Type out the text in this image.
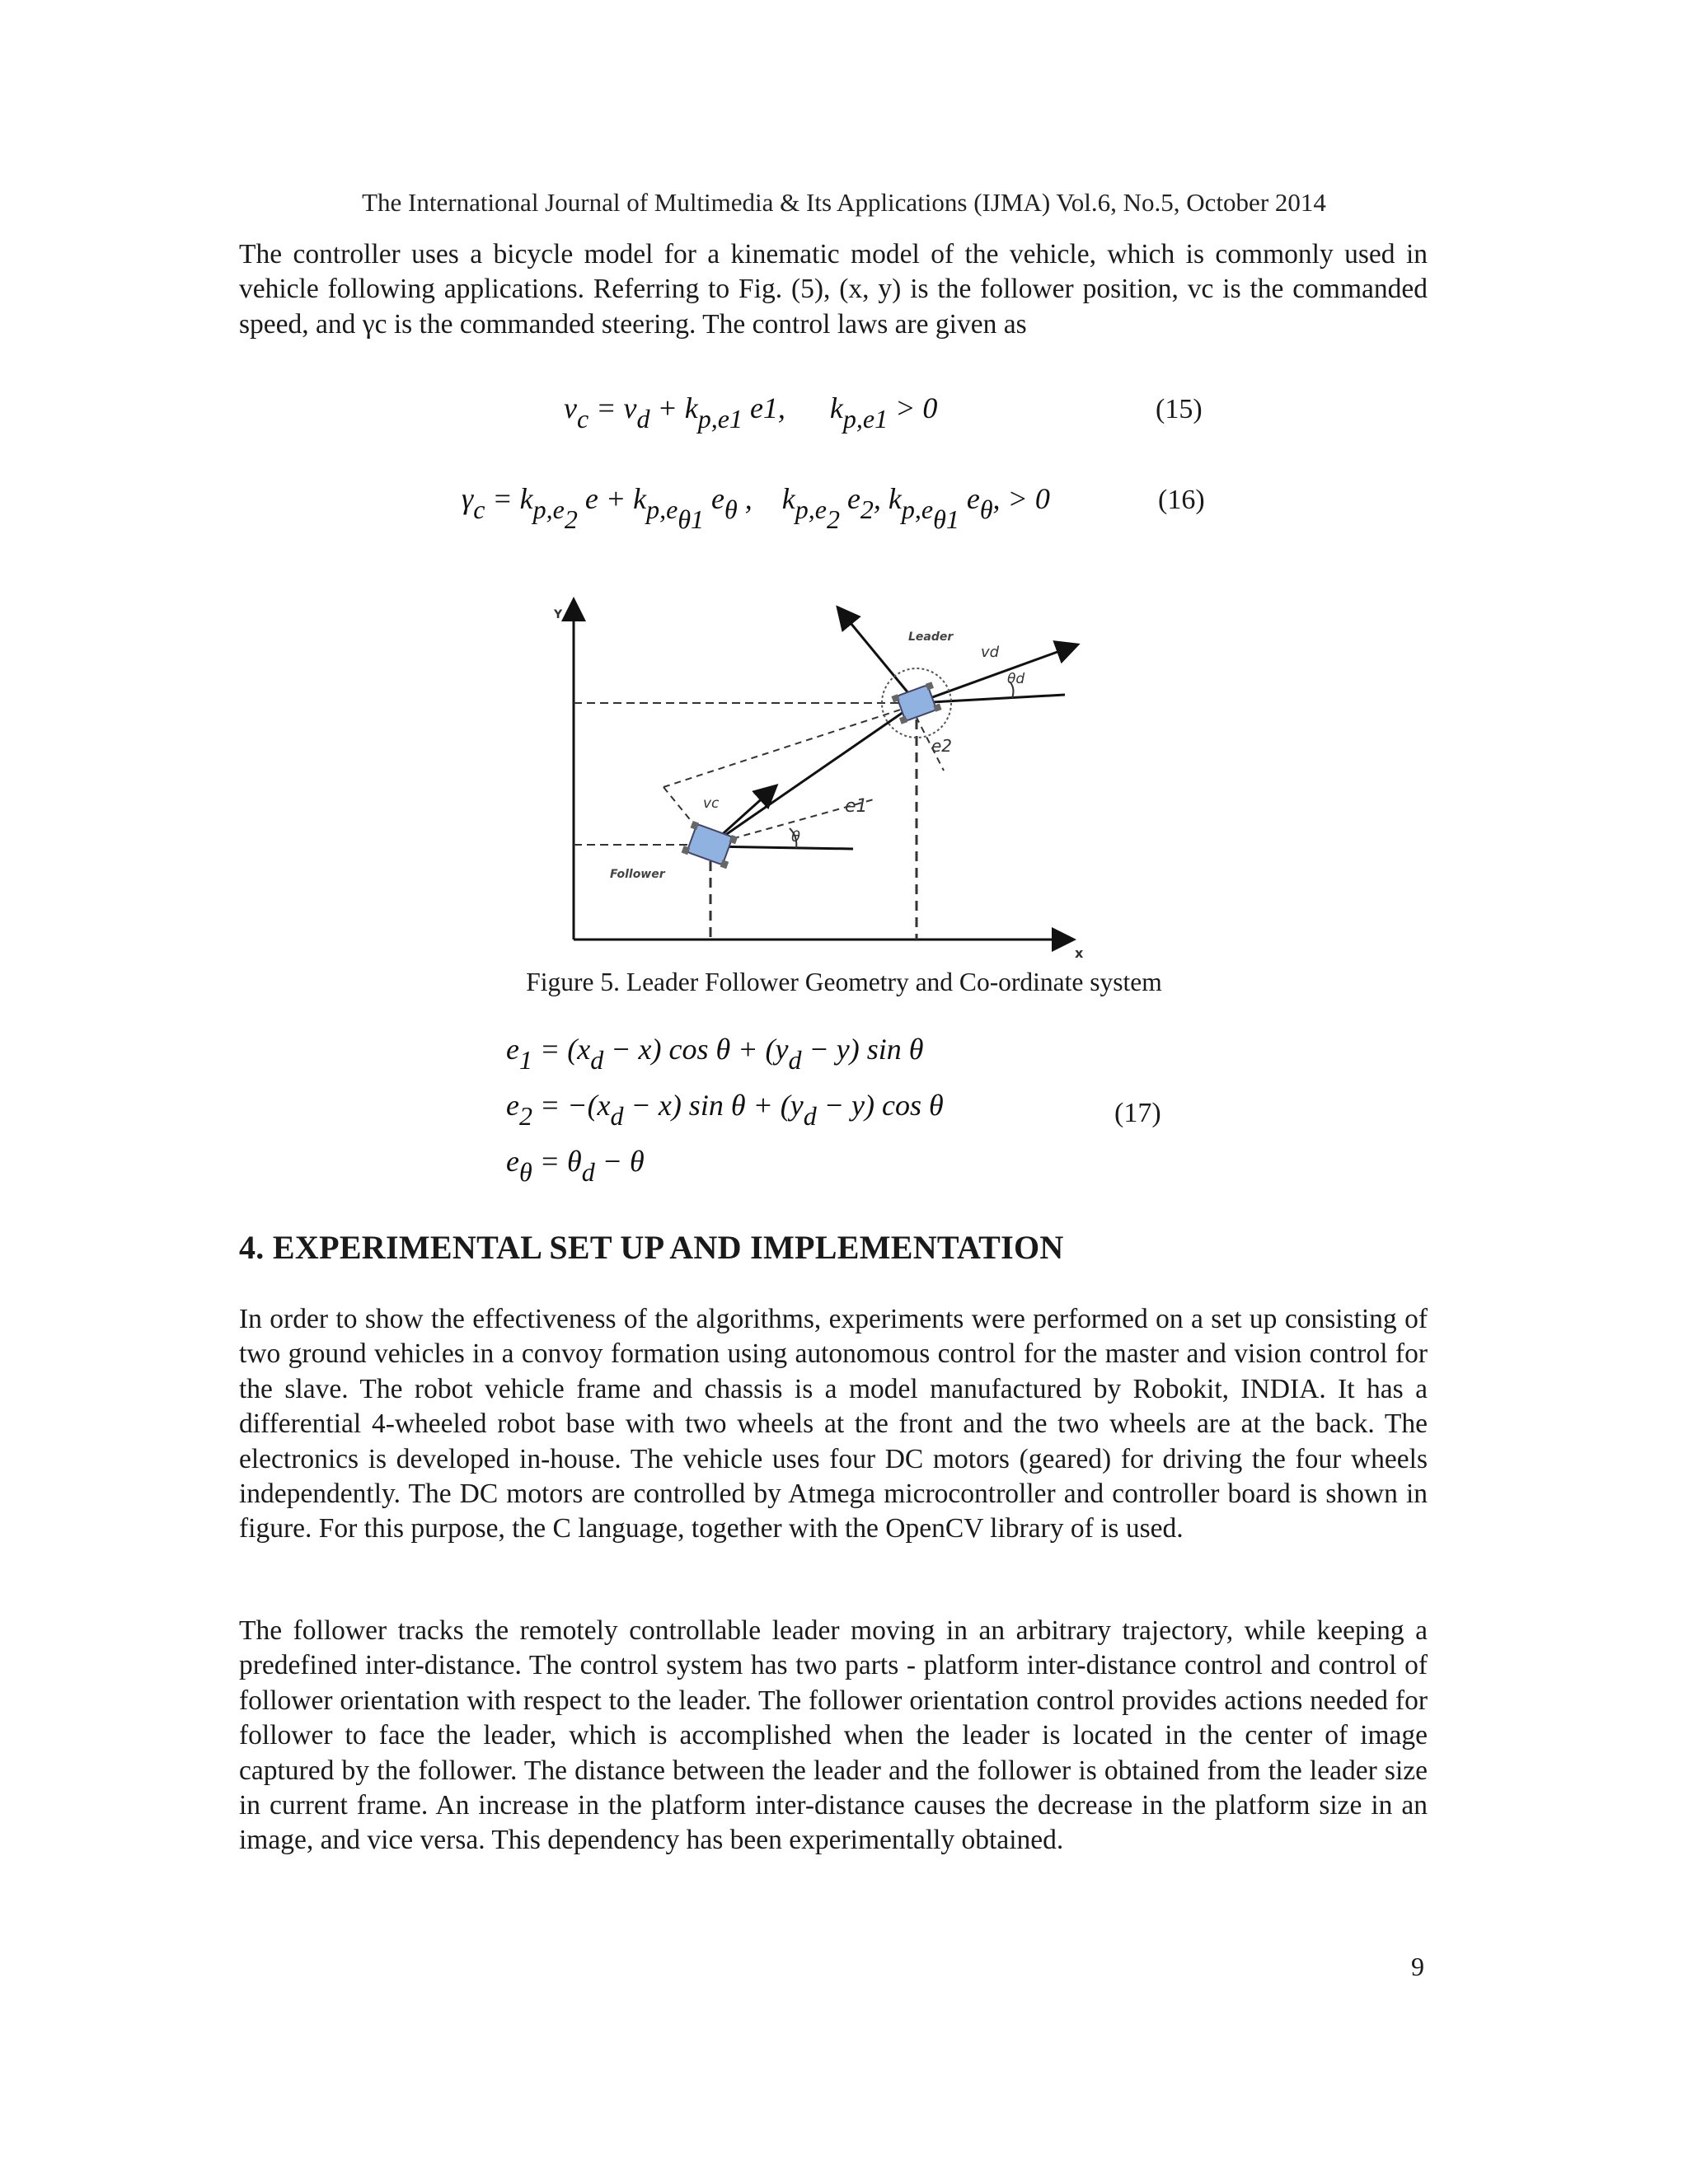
The International Journal of Multimedia & Its Applications (IJMA) Vol.6, No.5, October 2014
The controller uses a bicycle model for a kinematic model of the vehicle, which is commonly used in vehicle following applications. Referring to Fig. (5), (x, y) is the follower position, vc is the commanded speed, and γc is the commanded steering. The control laws are given as
$v_c = v_d + k_{p,e1}$ e1,      $k_{p,e1} > 0$	(15)
$\gamma_c = k_{p,e_2}$ $e + k_{p,e_{\theta 1}}$ $e_\theta$ ,    $k_{p,e_2}$ $e_2$, $k_{p,e_{\theta 1}}$ $e_\theta$, > 0	(16)
Y
x
Leader
Follower
vd
θd
e2
e1
vc
θ
Figure 5. Leader Follower Geometry and Co-ordinate system
$e_1 = (x_d - x)$ $\cos \theta + (y_d - y)$ sin θ
$e_2 = -(x_d - x)$ $\sin \theta + (y_d - y)$ cos θ
$e_\theta = \theta_d - \theta$
(17)
4. EXPERIMENTAL SET UP AND IMPLEMENTATION
In order to show the effectiveness of the algorithms, experiments were performed on a set up consisting of two ground vehicles in a convoy formation using autonomous control for the master and vision control for the slave. The robot vehicle frame and chassis is a model manufactured by Robokit, INDIA. It has a differential 4-wheeled robot base with two wheels at the front and the two wheels are at the back. The electronics is developed in-house. The vehicle uses four DC motors (geared) for driving the four wheels independently. The DC motors are controlled by Atmega microcontroller and controller board is shown in figure. For this purpose, the C language, together with the OpenCV library of is used.
The follower tracks the remotely controllable leader moving in an arbitrary trajectory, while keeping a predefined inter-distance. The control system has two parts - platform inter-distance control and control of follower orientation with respect to the leader. The follower orientation control provides actions needed for follower to face the leader, which is accomplished when the leader is located in the center of image captured by the follower. The distance between the leader and the follower is obtained from the leader size in current frame. An increase in the platform inter-distance causes the decrease in the platform size in an image, and vice versa. This dependency has been experimentally obtained.
9
